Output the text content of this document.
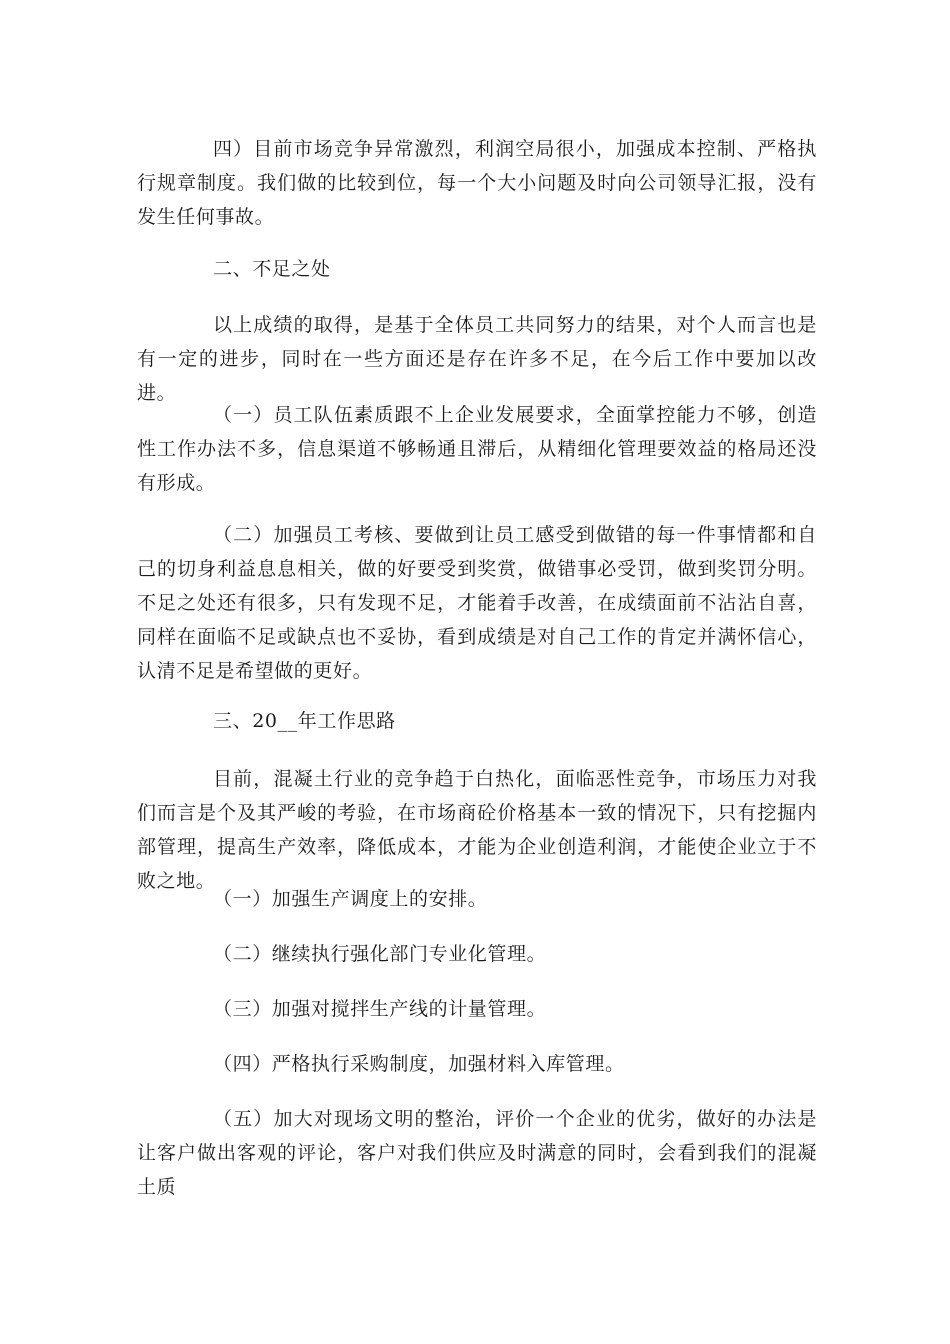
四）目前市场竞争异常激烈，利润空局很小，加强成本控制、严格执行规章制度。我们做的比较到位，每一个大小问题及时向公司领导汇报，没有发生任何事故。

二、不足之处

以上成绩的取得，是基于全体员工共同努力的结果，对个人而言也是有一定的进步，同时在一些方面还是存在许多不足，在今后工作中要加以改进。

（一）员工队伍素质跟不上企业发展要求，全面掌控能力不够，创造性工作办法不多，信息渠道不够畅通且滞后，从精细化管理要效益的格局还没有形成。

（二）加强员工考核、要做到让员工感受到做错的每一件事情都和自己的切身利益息息相关，做的好要受到奖赏，做错事必受罚，做到奖罚分明。不足之处还有很多，只有发现不足，才能着手改善，在成绩面前不沾沾自喜，同样在面临不足或缺点也不妥协，看到成绩是对自己工作的肯定并满怀信心，认清不足是希望做的更好。

三、20__年工作思路

目前，混凝土行业的竞争趋于白热化，面临恶性竞争，市场压力对我们而言是个及其严峻的考验，在市场商砼价格基本一致的情况下，只有挖掘内部管理，提高生产效率，降低成本，才能为企业创造利润，才能使企业立于不败之地。

（一）加强生产调度上的安排。

（二）继续执行强化部门专业化管理。

（三）加强对搅拌生产线的计量管理。

（四）严格执行采购制度，加强材料入库管理。

（五）加大对现场文明的整治，评价一个企业的优劣，做好的办法是让客户做出客观的评论，客户对我们供应及时满意的同时，会看到我们的混凝土质
